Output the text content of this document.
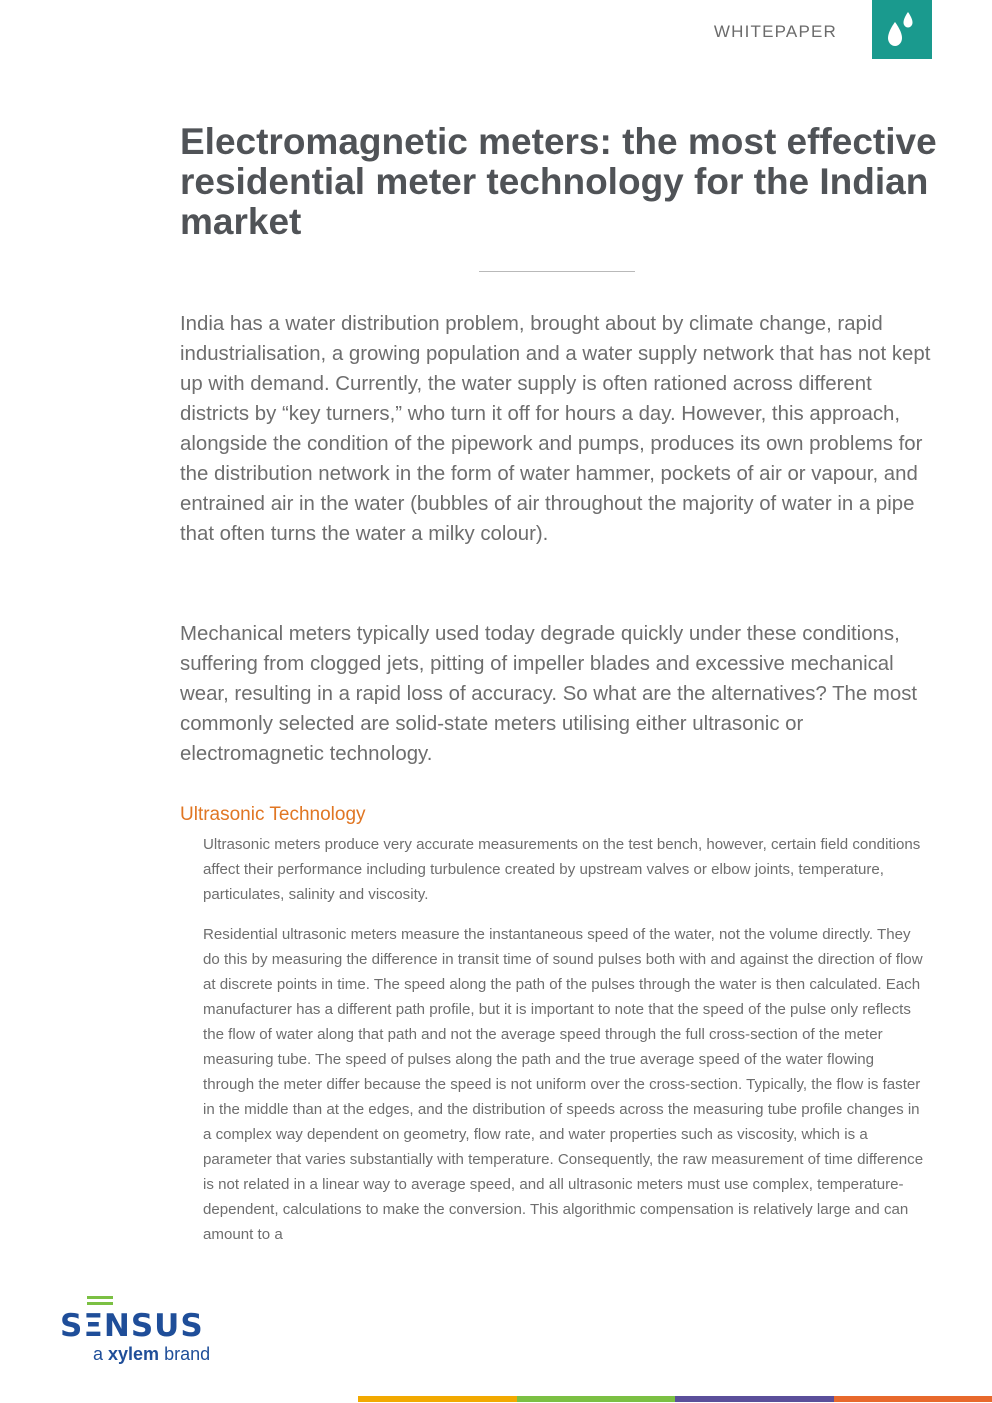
WHITEPAPER
Electromagnetic meters: the most effective residential meter technology for the Indian market

India has a water distribution problem, brought about by climate change, rapid industrialisation, a growing population and a water supply network that has not kept up with demand. Currently, the water supply is often rationed across different districts by “key turners,” who turn it off for hours a day. However, this approach, alongside the condition of the pipework and pumps, produces its own problems for the distribution network in the form of water hammer, pockets of air or vapour, and entrained air in the water (bubbles of air throughout the majority of water in a pipe that often turns the water a milky colour).

Mechanical meters typically used today degrade quickly under these conditions, suffering from clogged jets, pitting of impeller blades and excessive mechanical wear, resulting in a rapid loss of accuracy. So what are the alternatives? The most commonly selected are solid-state meters utilising either ultrasonic or electromagnetic technology.

Ultrasonic Technology

Ultrasonic meters produce very accurate measurements on the test bench, however, certain field conditions affect their performance including turbulence created by upstream valves or elbow joints, temperature, particulates, salinity and viscosity.

Residential ultrasonic meters measure the instantaneous speed of the water, not the volume directly. They do this by measuring the difference in transit time of sound pulses both with and against the direction of flow at discrete points in time. The speed along the path of the pulses through the water is then calculated. Each manufacturer has a different path profile, but it is important to note that the speed of the pulse only reflects the flow of water along that path and not the average speed through the full cross-section of the meter measuring tube. The speed of pulses along the path and the true average speed of the water flowing through the meter differ because the speed is not uniform over the cross-section. Typically, the flow is faster in the middle than at the edges, and the distribution of speeds across the measuring tube profile changes in a complex way dependent on geometry, flow rate, and water properties such as viscosity, which is a parameter that varies substantially with temperature. Consequently, the raw measurement of time difference is not related in a linear way to average speed, and all ultrasonic meters must use complex, temperature-dependent, calculations to make the conversion. This algorithmic compensation is relatively large and can amount to a

SΞNSUS
a xylem brand
